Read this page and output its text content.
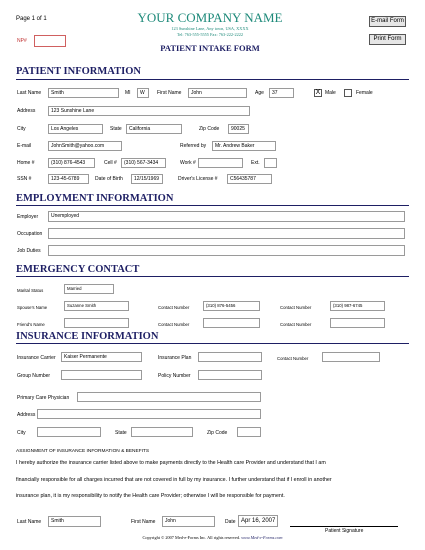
Page 1 of 1	YOUR COMPANY NAME
123 Sunshine Lane, Any town, USA, XXXX
Tel: 763-555-5555 Fax: 763-222-2222
PATIENT INTAKE FORM
NP#
E-mail Form
Print Form
PATIENT INFORMATION
Last Name	Smith	MI	W	First Name	John	Age	37	X Male	Female
Address	123 Sunshine Lane
City	Los Angeles	State	California	Zip Code	90025
E-mail	JohnSmith@yahoo.com	Referred by	Mr. Andrew Baker
Home #	(310) 876-4543	Cell #	(310) 567-3434	Work #	Ext.
SSN #	123-45-6789	Date of Birth	12/15/1969	Driver's License #	C56435787
EMPLOYMENT INFORMATION
Employer	Unemployed
Occupation
Job Duties
EMERGENCY CONTACT
Marital Status	Married
Spouse's Name	Suzanne Smith	Contact Number	(310) 876-5456	Contact Number	(310) 987-6745
Friend's Name	Contact Number	Contact Number
INSURANCE INFORMATION
Insurance Carrier	Kaiser Permanente	Insurance Plan	Contact Number
Group Number	Policy Number
Primary Care Physician
Address
City	State	Zip Code
ASSIGNMENT OF INSURANCE INFORMATION & BENEFITS
I hereby authorize the insurance carrier listed above to make payments directly to the Health care Provider and understand that I am
financially responsible for all charges incurred that are not covered in full by my insurance. I further understand that if I enroll in another
insurance plan, it is my responsibility to notify the Health care Provider; otherwise I will be responsible for payment.
Last Name	Smith	First Name	John	Date Apr 16, 2007
Patient Signature
Copyright © 2007 Med-e-Forms Inc. All rights reserved. www.Med-e-Forms.com
